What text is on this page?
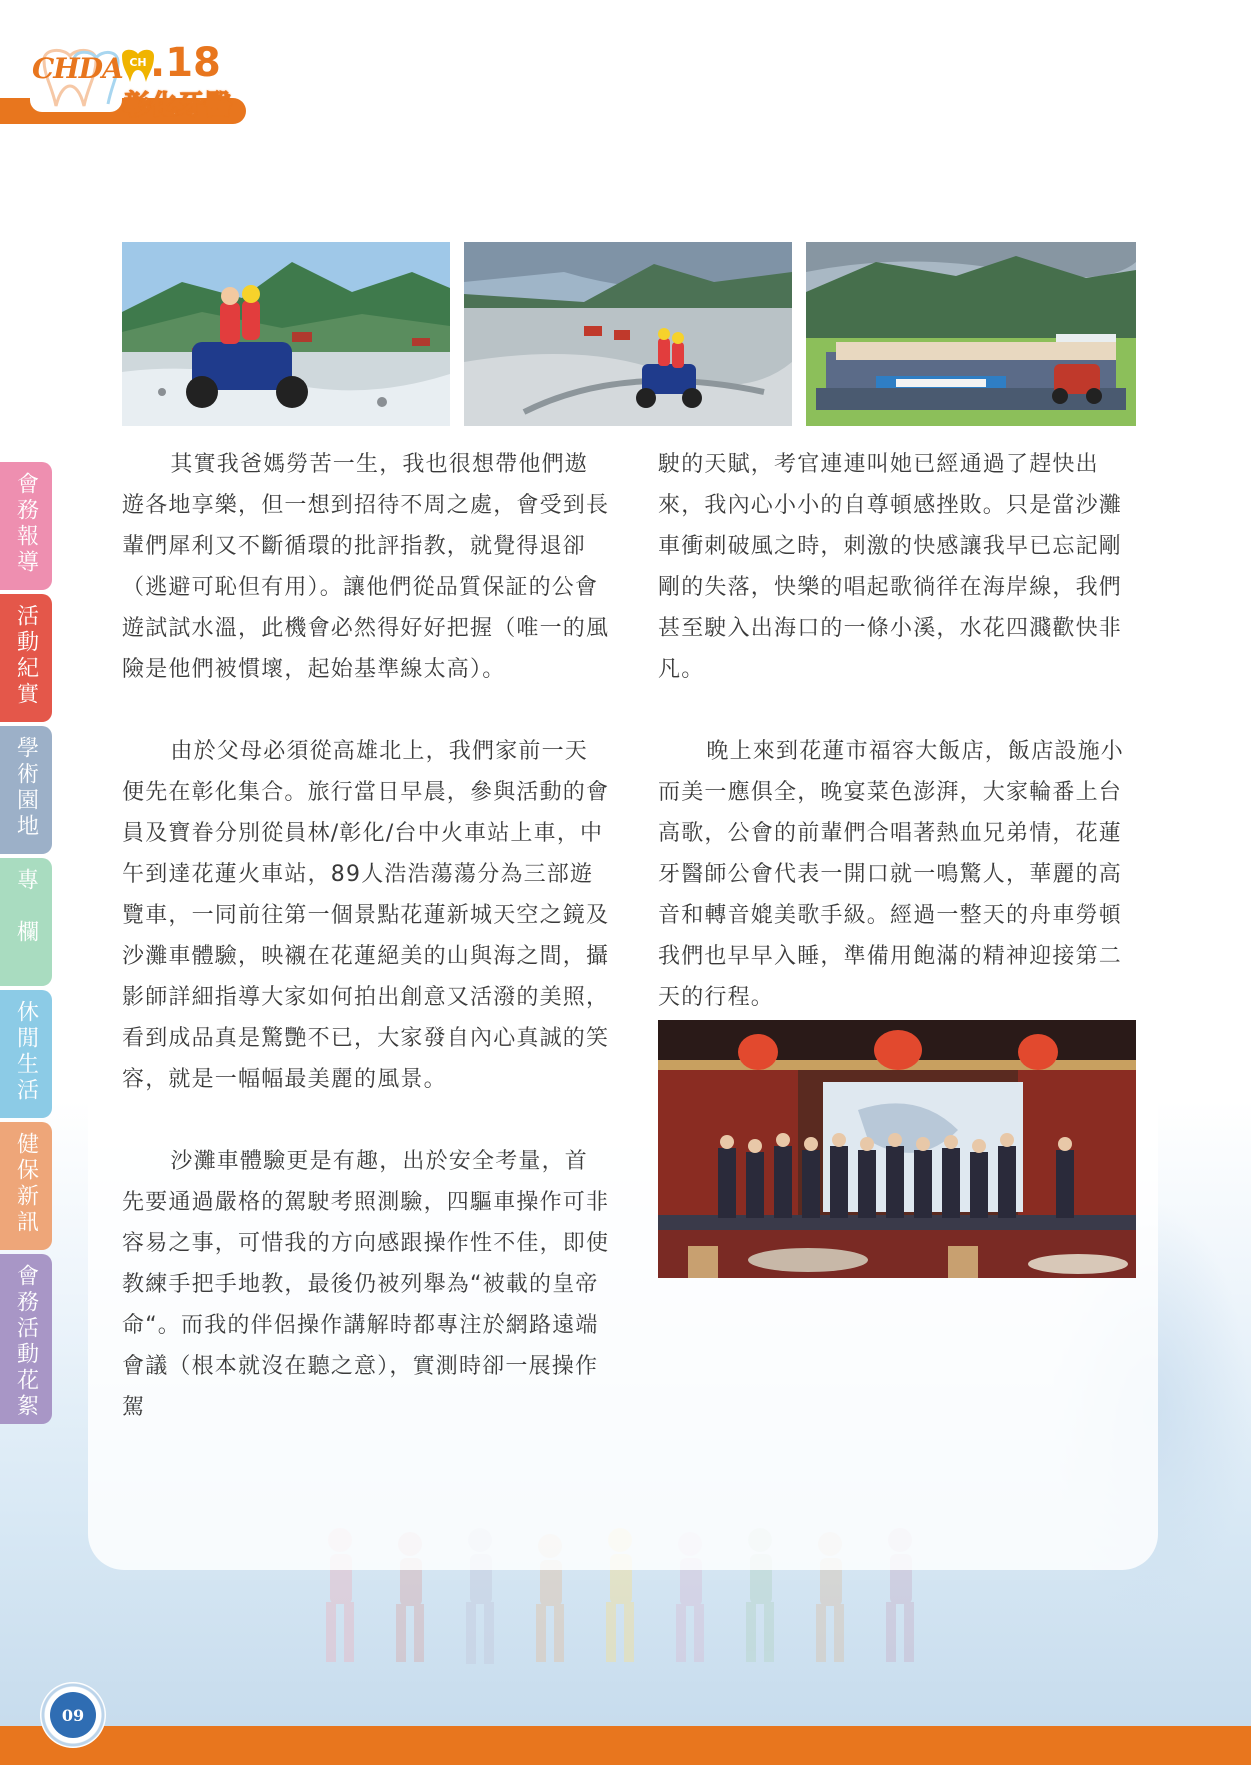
CHDA CH .18
彰化牙醫
會務報導
活動紀實
學術園地
專　欄
休閒生活
健保新訊
會務活動花絮

其實我爸媽勞苦一生，我也很想帶他們遨遊各地享樂，但一想到招待不周之處，會受到長輩們犀利又不斷循環的批評指教，就覺得退卻（逃避可恥但有用）。讓他們從品質保証的公會遊試試水溫，此機會必然得好好把握（唯一的風險是他們被慣壞，起始基準線太高）。

由於父母必須從高雄北上，我們家前一天便先在彰化集合。旅行當日早晨，參與活動的會員及寶眷分別從員林/彰化/台中火車站上車，中午到達花蓮火車站，89人浩浩蕩蕩分為三部遊覽車，一同前往第一個景點花蓮新城天空之鏡及沙灘車體驗，映襯在花蓮絕美的山與海之間，攝影師詳細指導大家如何拍出創意又活潑的美照，看到成品真是驚艷不已，大家發自內心真誠的笑容，就是一幅幅最美麗的風景。

沙灘車體驗更是有趣，出於安全考量，首先要通過嚴格的駕駛考照測驗，四驅車操作可非容易之事，可惜我的方向感跟操作性不佳，即使教練手把手地教，最後仍被列舉為“被載的皇帝命“。而我的伴侶操作講解時都專注於網路遠端會議（根本就沒在聽之意），實測時卻一展操作駕

駛的天賦，考官連連叫她已經通過了趕快出來，我內心小小的自尊頓感挫敗。只是當沙灘車衝刺破風之時，刺激的快感讓我早已忘記剛剛的失落，快樂的唱起歌徜徉在海岸線，我們甚至駛入出海口的一條小溪，水花四濺歡快非凡。

晚上來到花蓮市福容大飯店，飯店設施小而美一應俱全，晚宴菜色澎湃，大家輪番上台高歌，公會的前輩們合唱著熱血兄弟情，花蓮牙醫師公會代表一開口就一鳴驚人，華麗的高音和轉音媲美歌手級。經過一整天的舟車勞頓我們也早早入睡，準備用飽滿的精神迎接第二天的行程。

09
